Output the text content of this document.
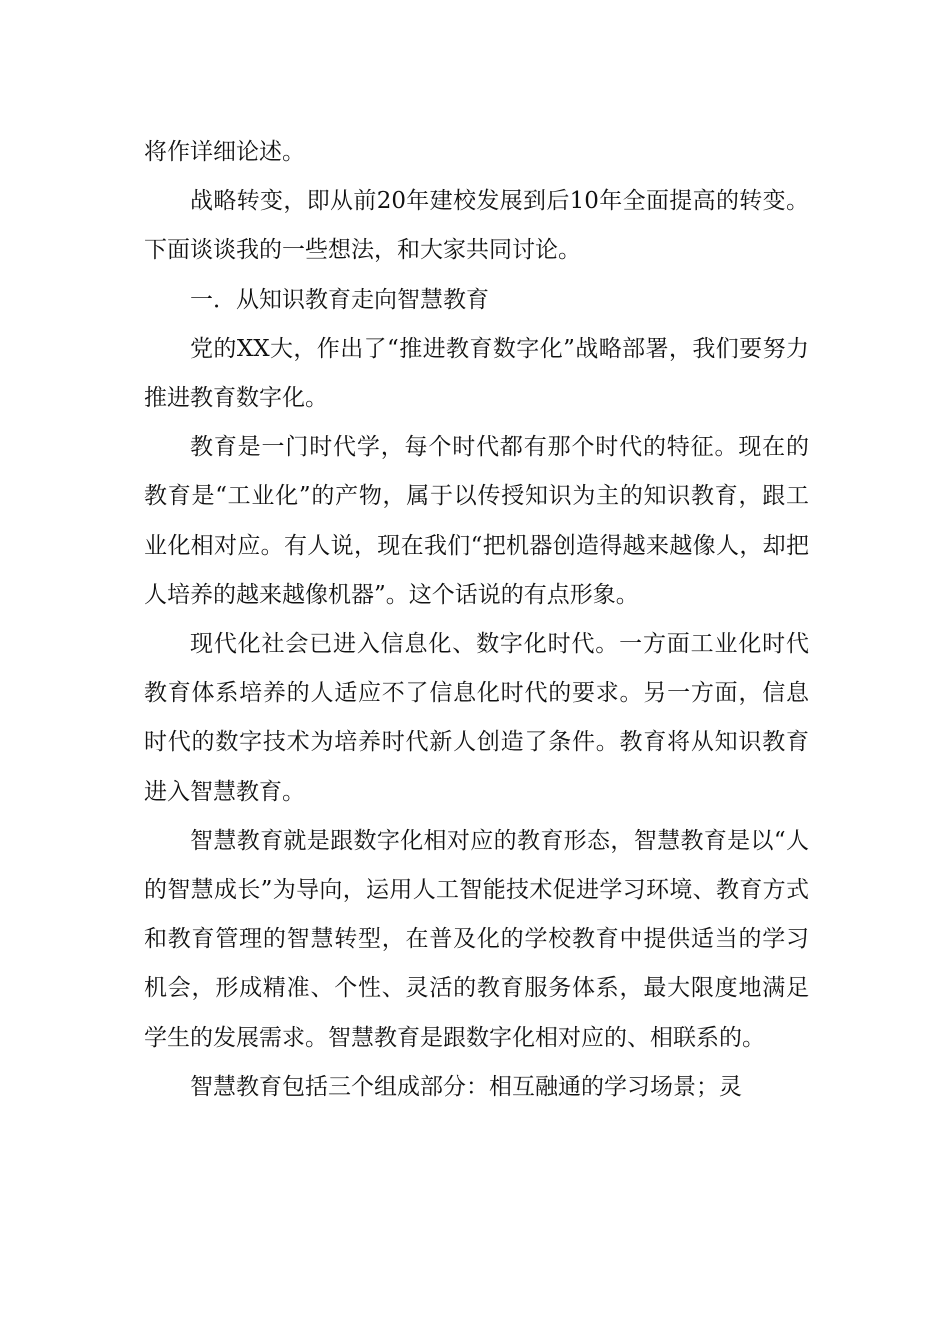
将作详细论述。

战略转变，即从前20年建校发展到后10年全面提高的转变。下面谈谈我的一些想法，和大家共同讨论。

一．从知识教育走向智慧教育

党的XX大，作出了“推进教育数字化”战略部署，我们要努力推进教育数字化。

教育是一门时代学，每个时代都有那个时代的特征。现在的教育是“工业化”的产物，属于以传授知识为主的知识教育，跟工业化相对应。有人说，现在我们“把机器创造得越来越像人，却把人培养的越来越像机器”。这个话说的有点形象。

现代化社会已进入信息化、数字化时代。一方面工业化时代教育体系培养的人适应不了信息化时代的要求。另一方面，信息时代的数字技术为培养时代新人创造了条件。教育将从知识教育进入智慧教育。

智慧教育就是跟数字化相对应的教育形态，智慧教育是以“人的智慧成长”为导向，运用人工智能技术促进学习环境、教育方式和教育管理的智慧转型，在普及化的学校教育中提供适当的学习机会，形成精准、个性、灵活的教育服务体系，最大限度地满足学生的发展需求。智慧教育是跟数字化相对应的、相联系的。

智慧教育包括三个组成部分：相互融通的学习场景；灵
